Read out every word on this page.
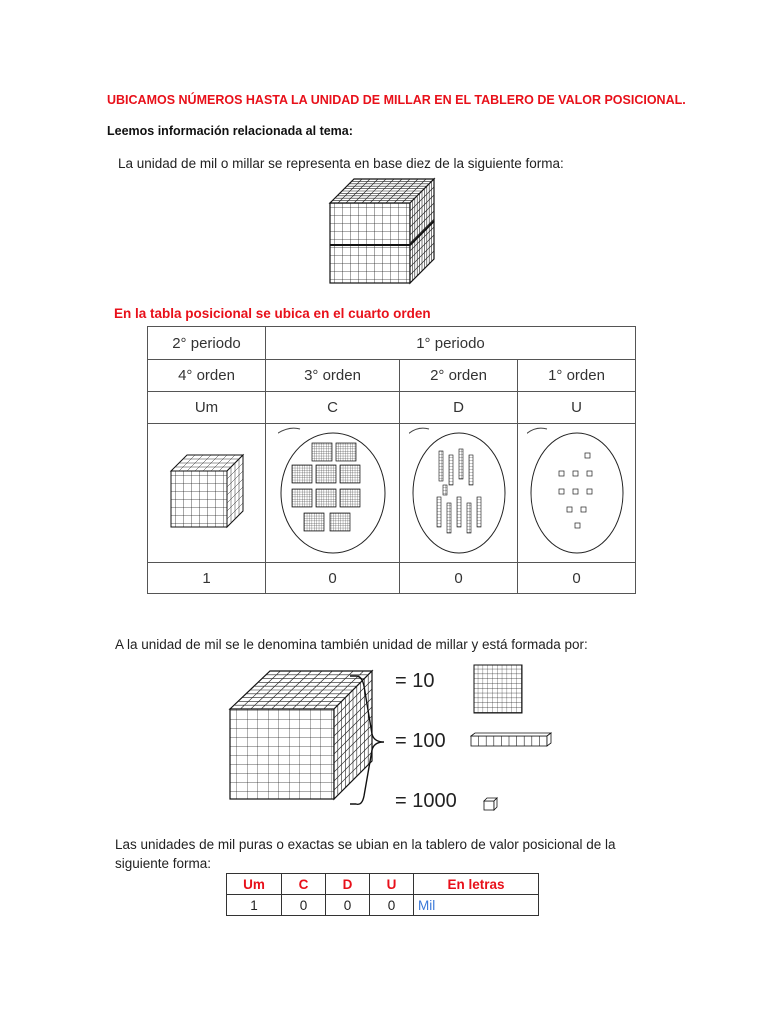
UBICAMOS NÚMEROS HASTA LA UNIDAD DE MILLAR EN EL TABLERO DE VALOR POSICIONAL.
Leemos información relacionada al tema:
La unidad de mil o millar se representa en base diez de la siguiente forma:
En la tabla posicional se ubica en el cuarto orden
2° periodo	1° periodo		
4° orden	3° orden	2° orden	1° orden
Um	C	D	U

1	0	0	0
A la unidad de mil se le denomina también unidad de millar y está formada por:
= 10
= 100
= 1000
Las unidades de mil puras o exactas se ubian en la tablero de valor posicional de la siguiente forma:
Um	C	D	U	En letras
1	0	0	0	Mil
